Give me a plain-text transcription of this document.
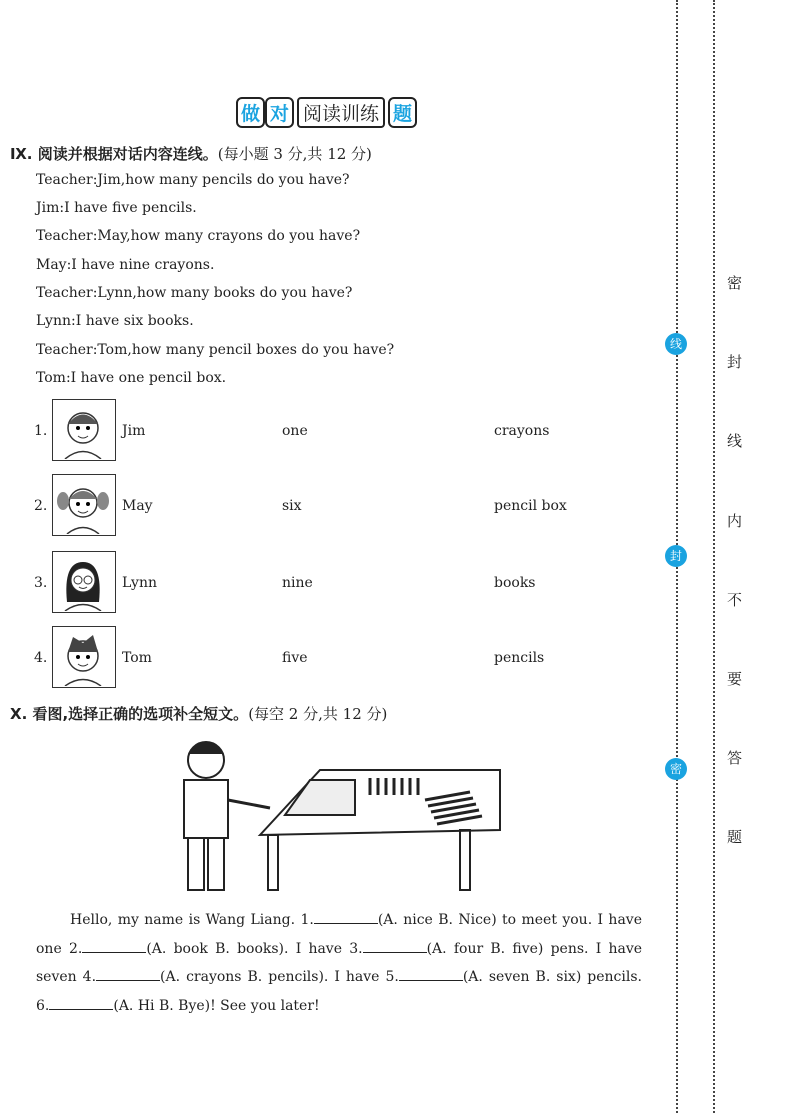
线
封
密
密
封
线
内
不
要
答
题
做 对 阅读训练 题
Ⅸ. 阅读并根据对话内容连线。(每小题 3 分,共 12 分)
Teacher:Jim,how many pencils do you have?
Jim:I have five pencils.
Teacher:May,how many crayons do you have?
May:I have nine crayons.
Teacher:Lynn,how many books do you have?
Lynn:I have six books.
Teacher:Tom,how many pencil boxes do you have?
Tom:I have one pencil box.
1.	Jim	one	crayons
2.	May	six	pencil box
3.	Lynn	nine	books
4.	Tom	five	pencils
Ⅹ. 看图,选择正确的选项补全短文。(每空 2 分,共 12 分)
Hello, my name is Wang Liang. 1.	(A. nice B. Nice) to meet you. I have one 2.	(A. book B. books). I have 3.	(A. four B. five) pens. I have seven 4.	(A. crayons B. pencils). I have 5.	(A. seven B. six) pencils. 6.	(A. Hi B. Bye)! See you later!
